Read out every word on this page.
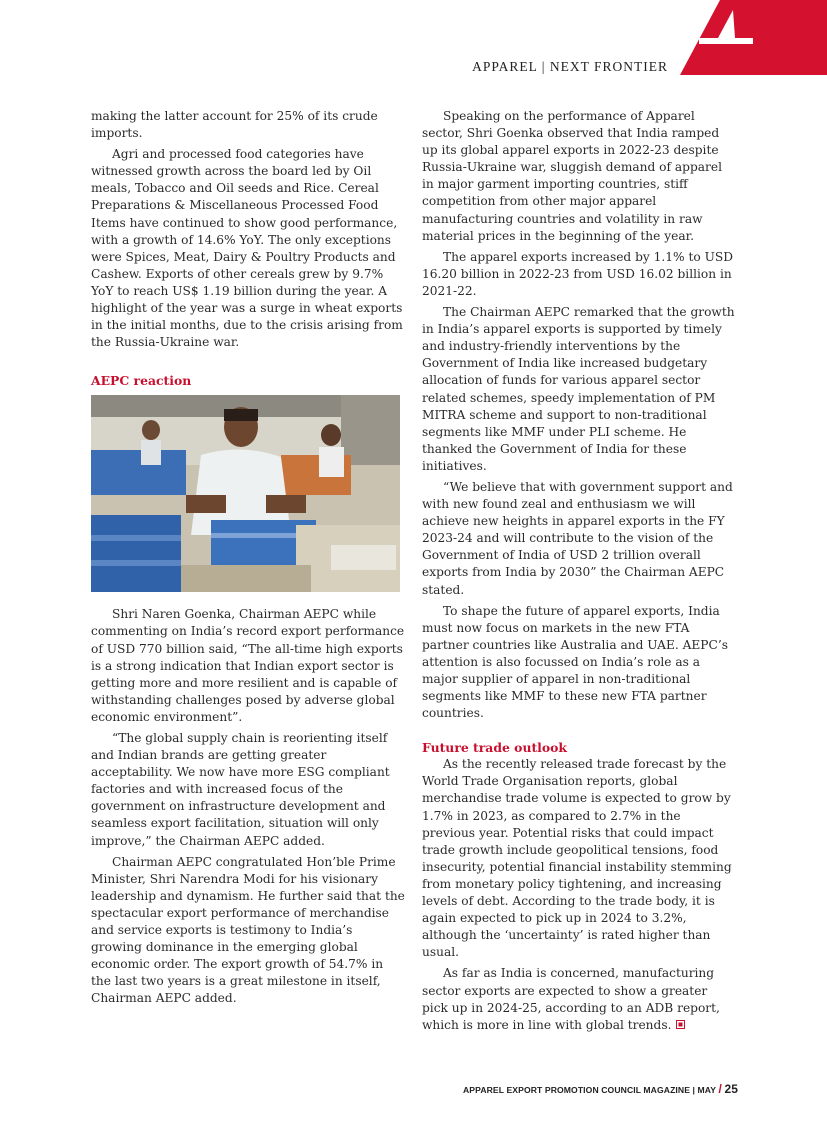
APPAREL | NEXT FRONTIER

making the latter account for 25% of its crude imports.

Agri and processed food categories have witnessed growth across the board led by Oil meals, Tobacco and Oil seeds and Rice. Cereal Preparations & Miscellaneous Processed Food Items have continued to show good performance, with a growth of 14.6% YoY. The only exceptions were Spices, Meat, Dairy & Poultry Products and Cashew. Exports of other cereals grew by 9.7% YoY to reach US$ 1.19 billion during the year. A highlight of the year was a surge in wheat exports in the initial months, due to the crisis arising from the Russia-Ukraine war.

AEPC reaction

Shri Naren Goenka, Chairman AEPC while commenting on India’s record export performance of USD 770 billion said, “The all-time high exports is a strong indication that Indian export sector is getting more and more resilient and is capable of withstanding challenges posed by adverse global economic environment”.

“The global supply chain is reorienting itself and Indian brands are getting greater acceptability. We now have more ESG compliant factories and with increased focus of the government on infrastructure development and seamless export facilitation, situation will only improve,” the Chairman AEPC added.

Chairman AEPC congratulated Hon’ble Prime Minister, Shri Narendra Modi for his visionary leadership and dynamism. He further said that the spectacular export performance of merchandise and service exports is testimony to India’s growing dominance in the emerging global economic order. The export growth of 54.7% in the last two years is a great milestone in itself, Chairman AEPC added.

Speaking on the performance of Apparel sector, Shri Goenka observed that India ramped up its global apparel exports in 2022-23 despite Russia-Ukraine war, sluggish demand of apparel in major garment importing countries, stiff competition from other major apparel manufacturing countries and volatility in raw material prices in the beginning of the year.

The apparel exports increased by 1.1% to USD 16.20 billion in 2022-23 from USD 16.02 billion in 2021-22.

The Chairman AEPC remarked that the growth in India’s apparel exports is supported by timely and industry-friendly interventions by the Government of India like increased budgetary allocation of funds for various apparel sector related schemes, speedy implementation of PM MITRA scheme and support to non-traditional segments like MMF under PLI scheme. He thanked the Government of India for these initiatives.

“We believe that with government support and with new found zeal and enthusiasm we will achieve new heights in apparel exports in the FY 2023-24 and will contribute to the vision of the Government of India of USD 2 trillion overall exports from India by 2030” the Chairman AEPC stated.

To shape the future of apparel exports, India must now focus on markets in the new FTA partner countries like Australia and UAE. AEPC’s attention is also focussed on India’s role as a major supplier of apparel in non-traditional segments like MMF to these new FTA partner countries.

Future trade outlook

As the recently released trade forecast by the World Trade Organisation reports, global merchandise trade volume is expected to grow by 1.7% in 2023, as compared to 2.7% in the previous year. Potential risks that could impact trade growth include geopolitical tensions, food insecurity, potential financial instability stemming from monetary policy tightening, and increasing levels of debt. According to the trade body, it is again expected to pick up in 2024 to 3.2%, although the ‘uncertainty’ is rated higher than usual.

As far as India is concerned, manufacturing sector exports are expected to show a greater pick up in 2024-25, according to an ADB report, which is more in line with global trends.

APPAREL EXPORT PROMOTION COUNCIL MAGAZINE | MAY / 25
